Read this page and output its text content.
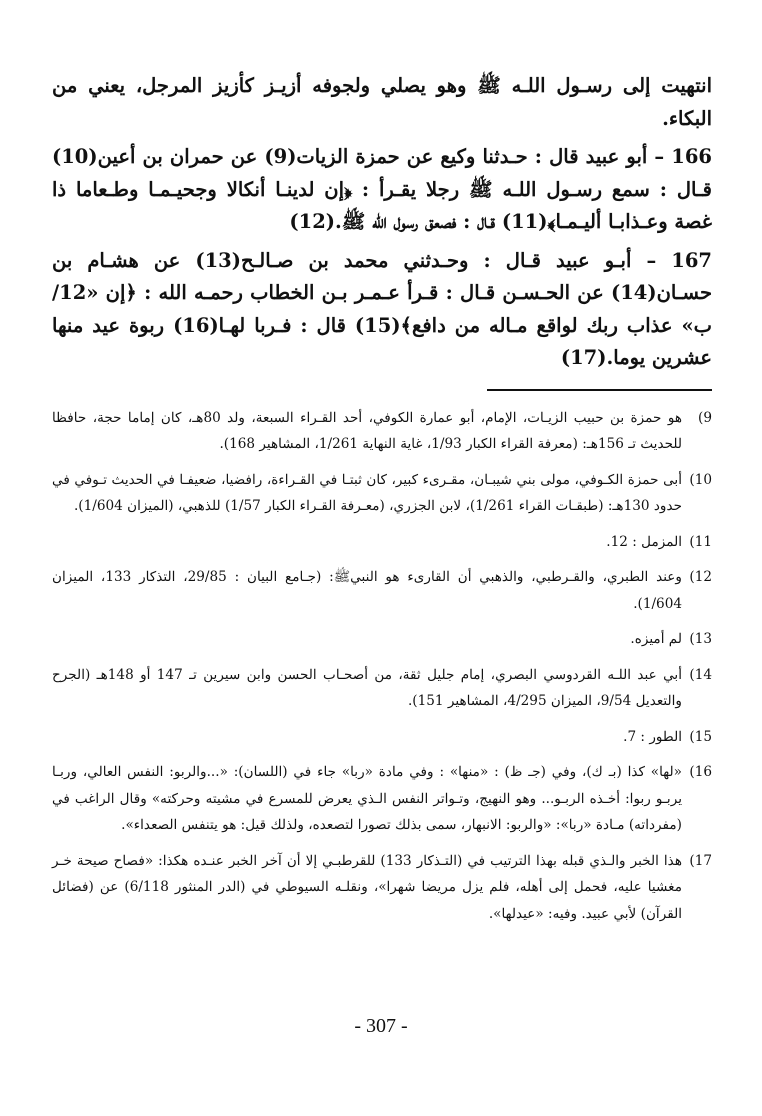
انتهيت إلى رسـول اللـه ﷺ وهو يصلي ولجوفه أزيـز كأزيز المرجل، يعني من البكاء.

166 – أبو عبيد قال : حـدثنا وكيع عن حمزة الزيات(9) عن حمران بن أعين(10) قـال : سمع رسـول اللـه ﷺ رجلا يقـرأ : ﴿إن لدينـا أنكالا وجحيـمـا وطـعاما ذا غصة وعـذابـا أليـمـا﴾(11) قـال : فصعق رسول الله ﷺ.(12)

167 – أبـو عبيد قـال : وحـدثني محمد بن صـالـح(13) عن هشـام بن حسـان(14) عن الحـسـن قـال : قـرأ عـمـر بـن الخطاب رحمـه الله : ﴿إن «12/ب» عذاب ربك لواقع مـاله من دافع﴾(15) قال : فـربا لهـا(16) ربوة عيد منها عشرين يوما.(17)

9)
هو حمزة بن حبيب الزيـات، الإمام، أبو عمارة الكوفي، أحد القـراء السبعة، ولد 80هـ، كان إماما حجة، حافظا للحديث تـ 156هـ: (معرفة القراء الكبار 1/93، غاية النهاية 1/261، المشاهير 168).
10)
أبى حمزة الكـوفي، مولى بني شيبـان، مقـرىء كبير، كان ثبتـا في القـراءة، رافضيا، ضعيفـا في الحديث تـوفي في حدود 130هـ: (طبقـات القراء 1/261)، لابن الجزري، (معـرفة القـراء الكبار 1/57) للذهبي، (الميزان 1/604).
11)
المزمل : 12.
12)
وعند الطبري، والقـرطبي، والذهبي أن القارىء هو النبيﷺ: (جـامع البيان : 29/85، التذكار 133، الميزان 1/604).
13)
لم أميزه.
14)
أبي عبد اللـه القردوسي البصري، إمام جليل ثقة، من أصحـاب الحسن وابن سيرين تـ 147 أو 148هـ (الجرح والتعديل 9/54، الميزان 4/295، المشاهير 151).
15)
الطور : 7.
16)
«لها» كذا (بـ ك)، وفي (جـ ظ) : «منها» : وفي مادة «ربا» جاء في (اللسان): «...والربو: النفس العالي، وربـا يربـو ربوا: أخـذه الربـو... وهو النهيج، وتـواتر النفس الـذي يعرض للمسرع في مشيته وحركته» وقال الراغب في (مفرداته) مـادة «ربا»: «والربو: الانبهار، سمى بذلك تصورا لتصعده، ولذلك قيل: هو يتنفس الصعداء».
17)
هذا الخبر والـذي قبله بهذا الترتيب في (التـذكار 133) للقرطبـي إلا أن آخر الخبر عنـده هكذا: «فصاح صيحة خـر مغشيا عليه، فحمل إلى أهله، فلم يزل مريضا شهرا»، ونقلـه السيوطي في (الدر المنثور 6/118) عن (فضائل القرآن) لأبي عبيد. وفيه: «عيدلها».
- 307 -
